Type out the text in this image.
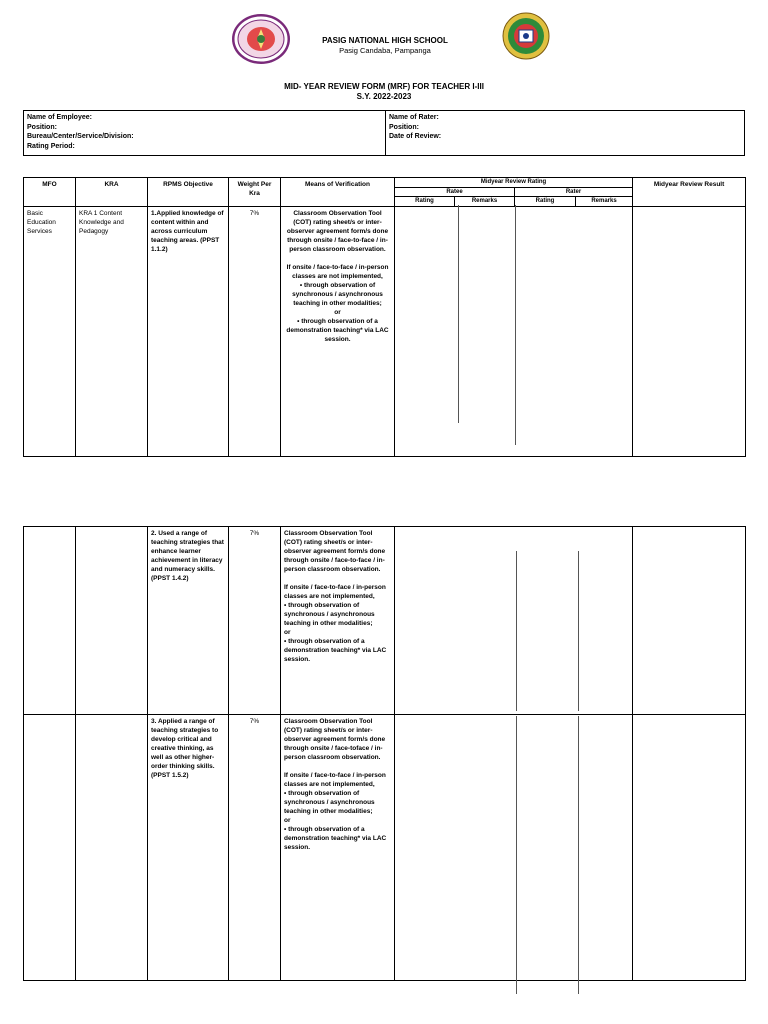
PASIG NATIONAL HIGH SCHOOL
Pasig Candaba, Pampanga
MID- YEAR REVIEW FORM (MRF) FOR TEACHER I-III
S.Y. 2022-2023
Name of Employee:
Position:
Bureau/Center/Service/Division:
Rating Period:
Name of Rater:
Position:
Date of Review:
MFO	KRA	RPMS Objective	Weight Per Kra	Means of Verification	Midyear Review Rating				Midyear Review Result
					Ratee		Rater		
					Rating	Remarks	Rating	Remarks	
Basic Education Services	KRA 1 Content Knowledge and Pedagogy	1.Applied knowledge of content within and across curriculum teaching areas. (PPST 1.1.2)	7%	Classroom Observation Tool (COT) rating sheet/s or inter-observer agreement form/s done through onsite / face-to-face / in-person classroom observation.

If onsite / face-to-face / in-person classes are not implemented,

• through observation of synchronous / asynchronous teaching in other modalities;

or

• through observation of a demonstration teaching* via LAC session.					

		2. Used a range of teaching strategies that enhance learner achievement in literacy and numeracy skills. (PPST 1.4.2)	7%	Classroom Observation Tool (COT) rating sheet/s or inter-observer agreement form/s done through onsite / face-to-face / in-person classroom observation.

If onsite / face-to-face / in-person classes are not implemented,

• through observation of synchronous / asynchronous teaching in other modalities;

or

• through observation of a demonstration teaching* via LAC session.		

		3. Applied a range of teaching strategies to develop critical and creative thinking, as well as other higher-order thinking skills. (PPST 1.5.2)	7%	Classroom Observation Tool (COT) rating sheet/s or inter-observer agreement form/s done through onsite / face-toface / in-person classroom observation.

If onsite / face-to-face / in-person classes are not implemented,

• through observation of synchronous / asynchronous teaching in other modalities;

or

• through observation of a demonstration teaching* via LAC session.		
